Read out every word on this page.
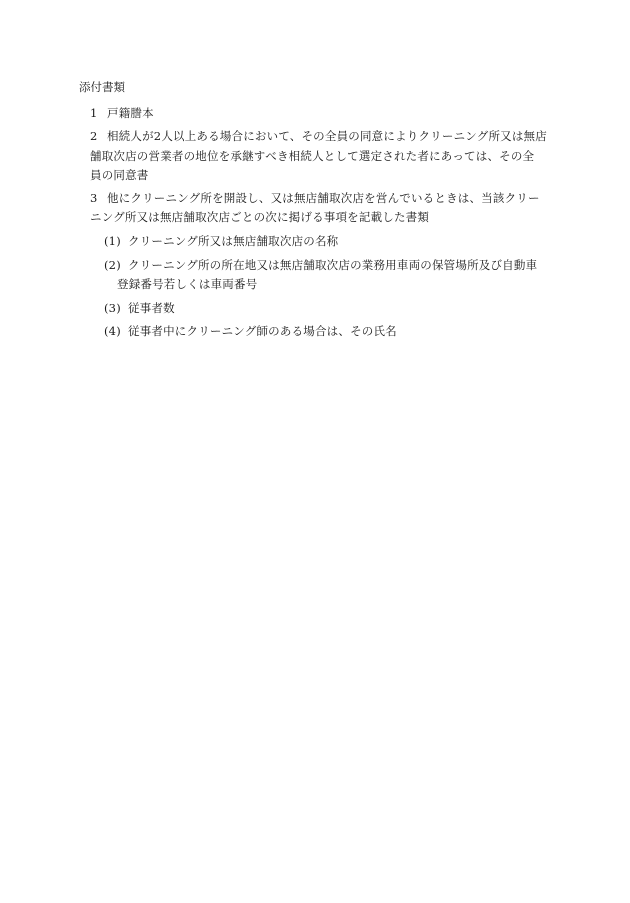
添付書類
1 戸籍謄本
2 相続人が2人以上ある場合において、その全員の同意によりクリーニング所又は無店
舗取次店の営業者の地位を承継すべき相続人として選定された者にあっては、その全
員の同意書
3 他にクリーニング所を開設し、又は無店舗取次店を営んでいるときは、当該クリー
ニング所又は無店舗取次店ごとの次に掲げる事項を記載した書類
(1) クリーニング所又は無店舗取次店の名称
(2) クリーニング所の所在地又は無店舗取次店の業務用車両の保管場所及び自動車
登録番号若しくは車両番号
(3) 従事者数
(4) 従事者中にクリーニング師のある場合は、その氏名
